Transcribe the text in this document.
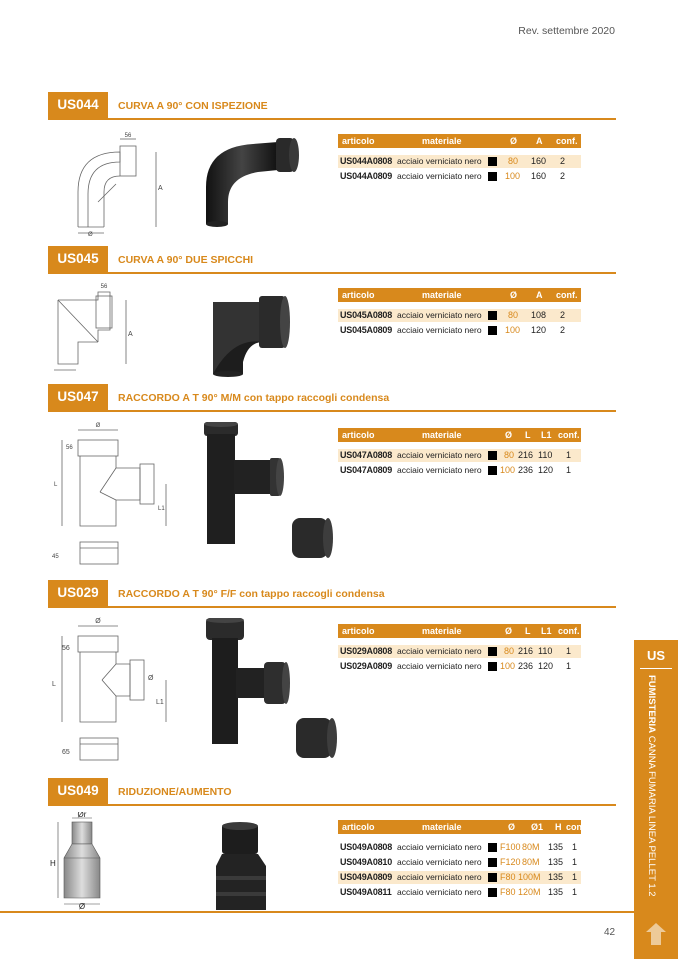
Rev. settembre 2020
US044	CURVA A 90° CON ISPEZIONE
56
A
Ø
articolo	materiale	Ø A conf.
US044A0808 acciaio verniciato nero	80 160 2
US044A0809 acciaio verniciato nero	100 160 2
US045	CURVA A 90° DUE SPICCHI
56
A
articolo	materiale	Ø A conf.
US045A0808 acciaio verniciato nero	80 108 2
US045A0809 acciaio verniciato nero	100 120 2
US047	RACCORDO A T 90° M/M con tappo raccogli condensa
Ø
56
L
L1
45
articolo	materiale	Ø L L1 conf.
US047A0808 acciaio verniciato nero 80 216 110 1
US047A0809 acciaio verniciato nero 100 236 120 1
US029	RACCORDO A T 90° F/F con tappo raccogli condensa
Ø
56
L
L1
Ø
65
articolo	materiale	Ø L L1 conf.
US029A0808 acciaio verniciato nero 80 216 110 1
US029A0809 acciaio verniciato nero 100 236 120 1
US049	RIDUZIONE/AUMENTO
Ør
H
Ø
articolo	materiale	Ø Ø1 H conf.
US049A0808 acciaio verniciato nero F100 80M 135 1
US049A0810 acciaio verniciato nero F120 80M 135 1
US049A0809 acciaio verniciato nero F80 100M 135 1
US049A0811 acciaio verniciato nero F80 120M 135 1
US
FUMISTERIA CANNA FUMARIA LINEA PELLET 1.2
42
